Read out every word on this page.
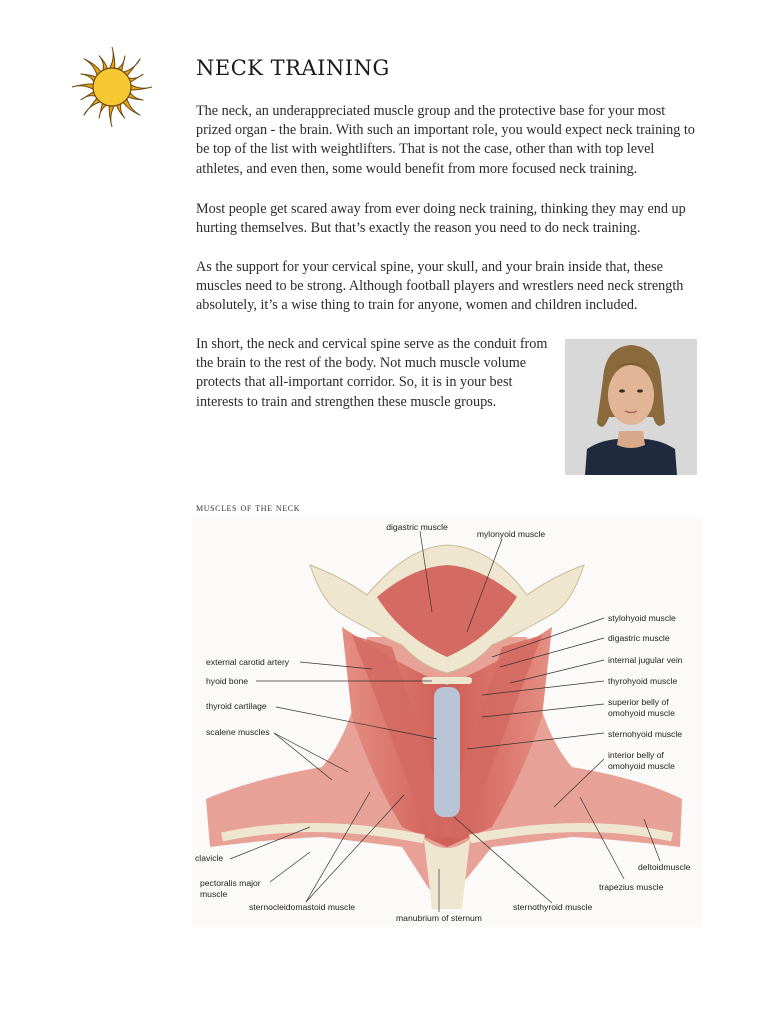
NECK TRAINING

The neck, an underappreciated muscle group and the protective base for your most prized organ - the brain. With such an important role, you would expect neck training to be top of the list with weightlifters. That is not the case, other than with top level athletes, and even then, some would benefit from more focused neck training.

Most people get scared away from ever doing neck training, thinking they may end up hurting themselves. But that’s exactly the reason you need to do neck training.

As the support for your cervical spine, your skull, and your brain inside that, these muscles need to be strong. Although football players and wrestlers need neck strength absolutely, it’s a wise thing to train for anyone, women and children included.

In short, the neck and cervical spine serve as the conduit from the brain to the rest of the body. Not much muscle volume protects that all-important corridor. So, it is in your best interests to train and strengthen these muscle groups.

muscles of the neck

digastric muscle
mylonyoid muscle
stylohyoid muscle
digastric muscle
internal jugular vein
thyrohyoid muscle
superior belly of
omohyoid muscle
sternohyoid muscle
interior belly of
omohyoid muscle
external carotid artery
hyoid bone
thyroid cartilage
scalene muscles
clavicle
pectoralis major
muscle
sternocleidomastoid muscle
manubrium of sternum
sternothyroid muscle
trapezius muscle
deltoidmuscle
